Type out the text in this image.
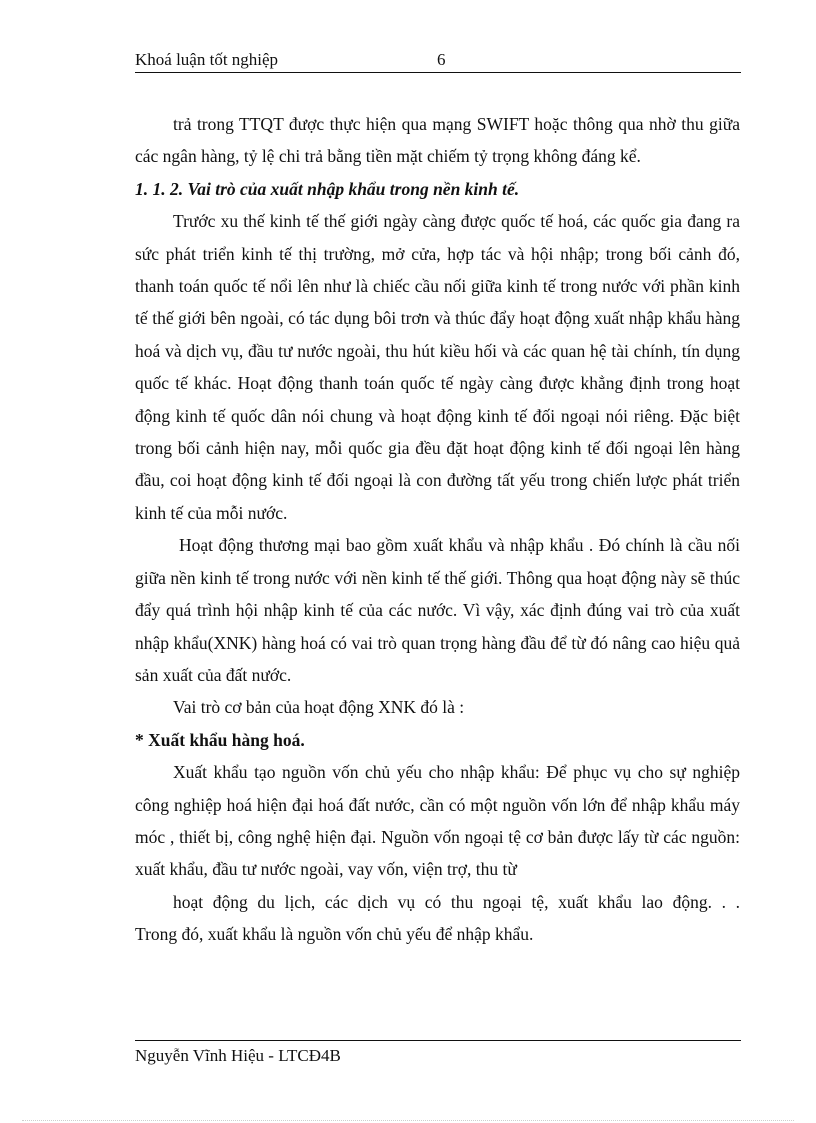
Khoá luận tốt nghiệp	6

trả trong TTQT được thực hiện qua mạng SWIFT hoặc thông qua nhờ thu giữa các ngân hàng, tỷ lệ chi trả bằng tiền mặt chiếm tỷ trọng không đáng kể.

1. 1. 2. Vai trò của xuất nhập khẩu trong nền kinh tế.

Trước xu thế kinh tế thế giới ngày càng được quốc tế hoá, các quốc gia đang ra sức phát triển kinh tế thị trường, mở cửa, hợp tác và hội nhập; trong bối cảnh đó, thanh toán quốc tế nổi lên như là chiếc cầu nối giữa kinh tế trong nước với phần kinh tế thế giới bên ngoài, có tác dụng bôi trơn và thúc đẩy hoạt động xuất nhập khẩu hàng hoá và dịch vụ, đầu tư nước ngoài, thu hút kiều hối và các quan hệ tài chính, tín dụng quốc tế khác. Hoạt động thanh toán quốc tế ngày càng được khẳng định trong hoạt động kinh tế quốc dân nói chung và hoạt động kinh tế đối ngoại nói riêng. Đặc biệt trong bối cảnh hiện nay, mỗi quốc gia đều đặt hoạt động kinh tế đối ngoại lên hàng đầu, coi hoạt động kinh tế đối ngoại là con đường tất yếu trong chiến lược phát triển kinh tế của mỗi nước.

Hoạt động thương mại bao gồm xuất khẩu và nhập khẩu . Đó chính là cầu nối giữa nền kinh tế trong nước với nền kinh tế thế giới. Thông qua hoạt động này sẽ thúc đẩy quá trình hội nhập kinh tế của các nước. Vì vậy, xác định đúng vai trò của xuất nhập khẩu(XNK) hàng hoá có vai trò quan trọng hàng đầu để từ đó nâng cao hiệu quả sản xuất của đất nước.

Vai trò cơ bản của hoạt động XNK đó là :

* Xuất khẩu hàng hoá.

Xuất khẩu tạo nguồn vốn chủ yếu cho nhập khẩu: Để phục vụ cho sự nghiệp công nghiệp hoá hiện đại hoá đất nước, cần có một nguồn vốn lớn để nhập khẩu máy móc , thiết bị, công nghệ hiện đại. Nguồn vốn ngoại tệ cơ bản được lấy từ các nguồn: xuất khẩu, đầu tư nước ngoài, vay vốn, viện trợ, thu từ

hoạt động du lịch, các dịch vụ có thu ngoại tệ, xuất khẩu lao động. . .
Trong đó, xuất khẩu là nguồn vốn chủ yếu để nhập khẩu.

Nguyễn Vĩnh Hiệu - LTCĐ4B
